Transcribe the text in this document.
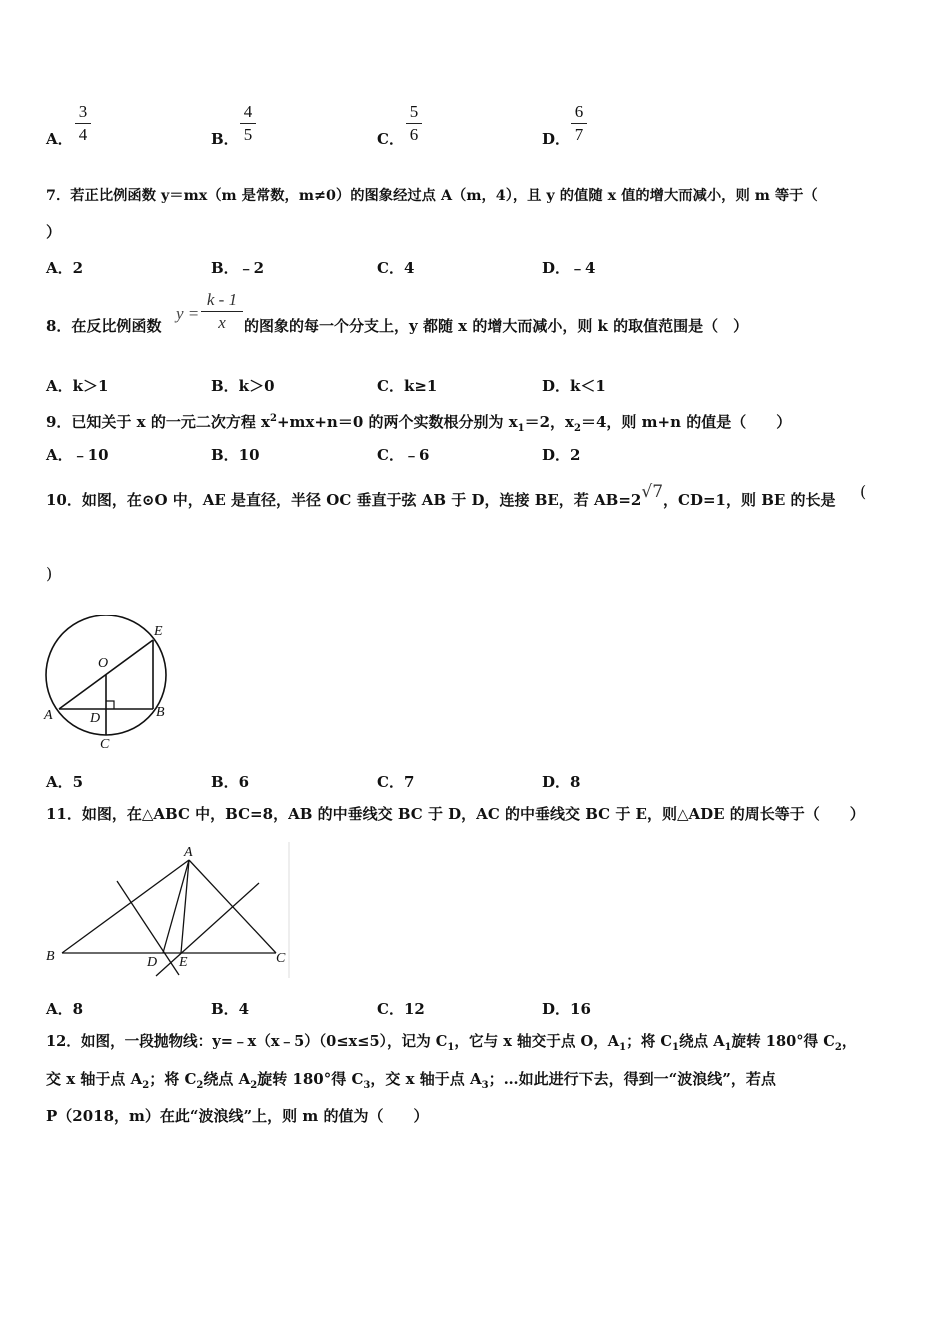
A．
3
4	B．
4
5	C．
5
6	D．
6
7
7．若正比例函数 y＝mx（m 是常数，m≠0）的图象经过点 A（m，4），且 y 的值随 x 值的增大而减小，则 m 等于（
）
A．2	B．﹣2	C．4	D．﹣4
8．在反比例函数
y =
k - 1
x	的图象的每一个分支上，y 都随 x 的增大而减小，则 k 的取值范围是（　）
A．k＞1	B．k＞0	C．k≥1	D．k＜1
9．已知关于 x 的一元二次方程 $x^2+mx+n=0$ 的两个实数根分别为 $x_1=2$，$x_2=4$，则 m+n 的值是（　　）
A．﹣10	B．10	C．﹣6	D．2
10．如图，在⊙O 中，AE 是直径，半径 OC 垂直于弦 AB 于 D，连接 BE，若 AB=2√7，CD=1，则 BE 的长是 (
)
E
O
A	D	B
C
A．5	B．6	C．7	D．8
11．如图，在△ABC 中，BC=8，AB 的中垂线交 BC 于 D，AC 的中垂线交 BC 于 E，则△ADE 的周长等于（　　）
A
B	D E	C
A．8	B．4	C．12	D．16
12．如图，一段抛物线：y=﹣x（x﹣5）（0≤x≤5），记为 $C_1$，它与 x 轴交于点 O，$A_1$；将 $C_1$绕点 $A_1$旋转 180°得 $C_2$，
交 x 轴于点 $A_2$；将 $C_2$绕点 $A_2$旋转 180°得 $C_3$，交 x 轴于点 $A_3$；…如此进行下去，得到一“波浪线”，若点
P（2018，m）在此“波浪线”上，则 m 的值为（　　）
